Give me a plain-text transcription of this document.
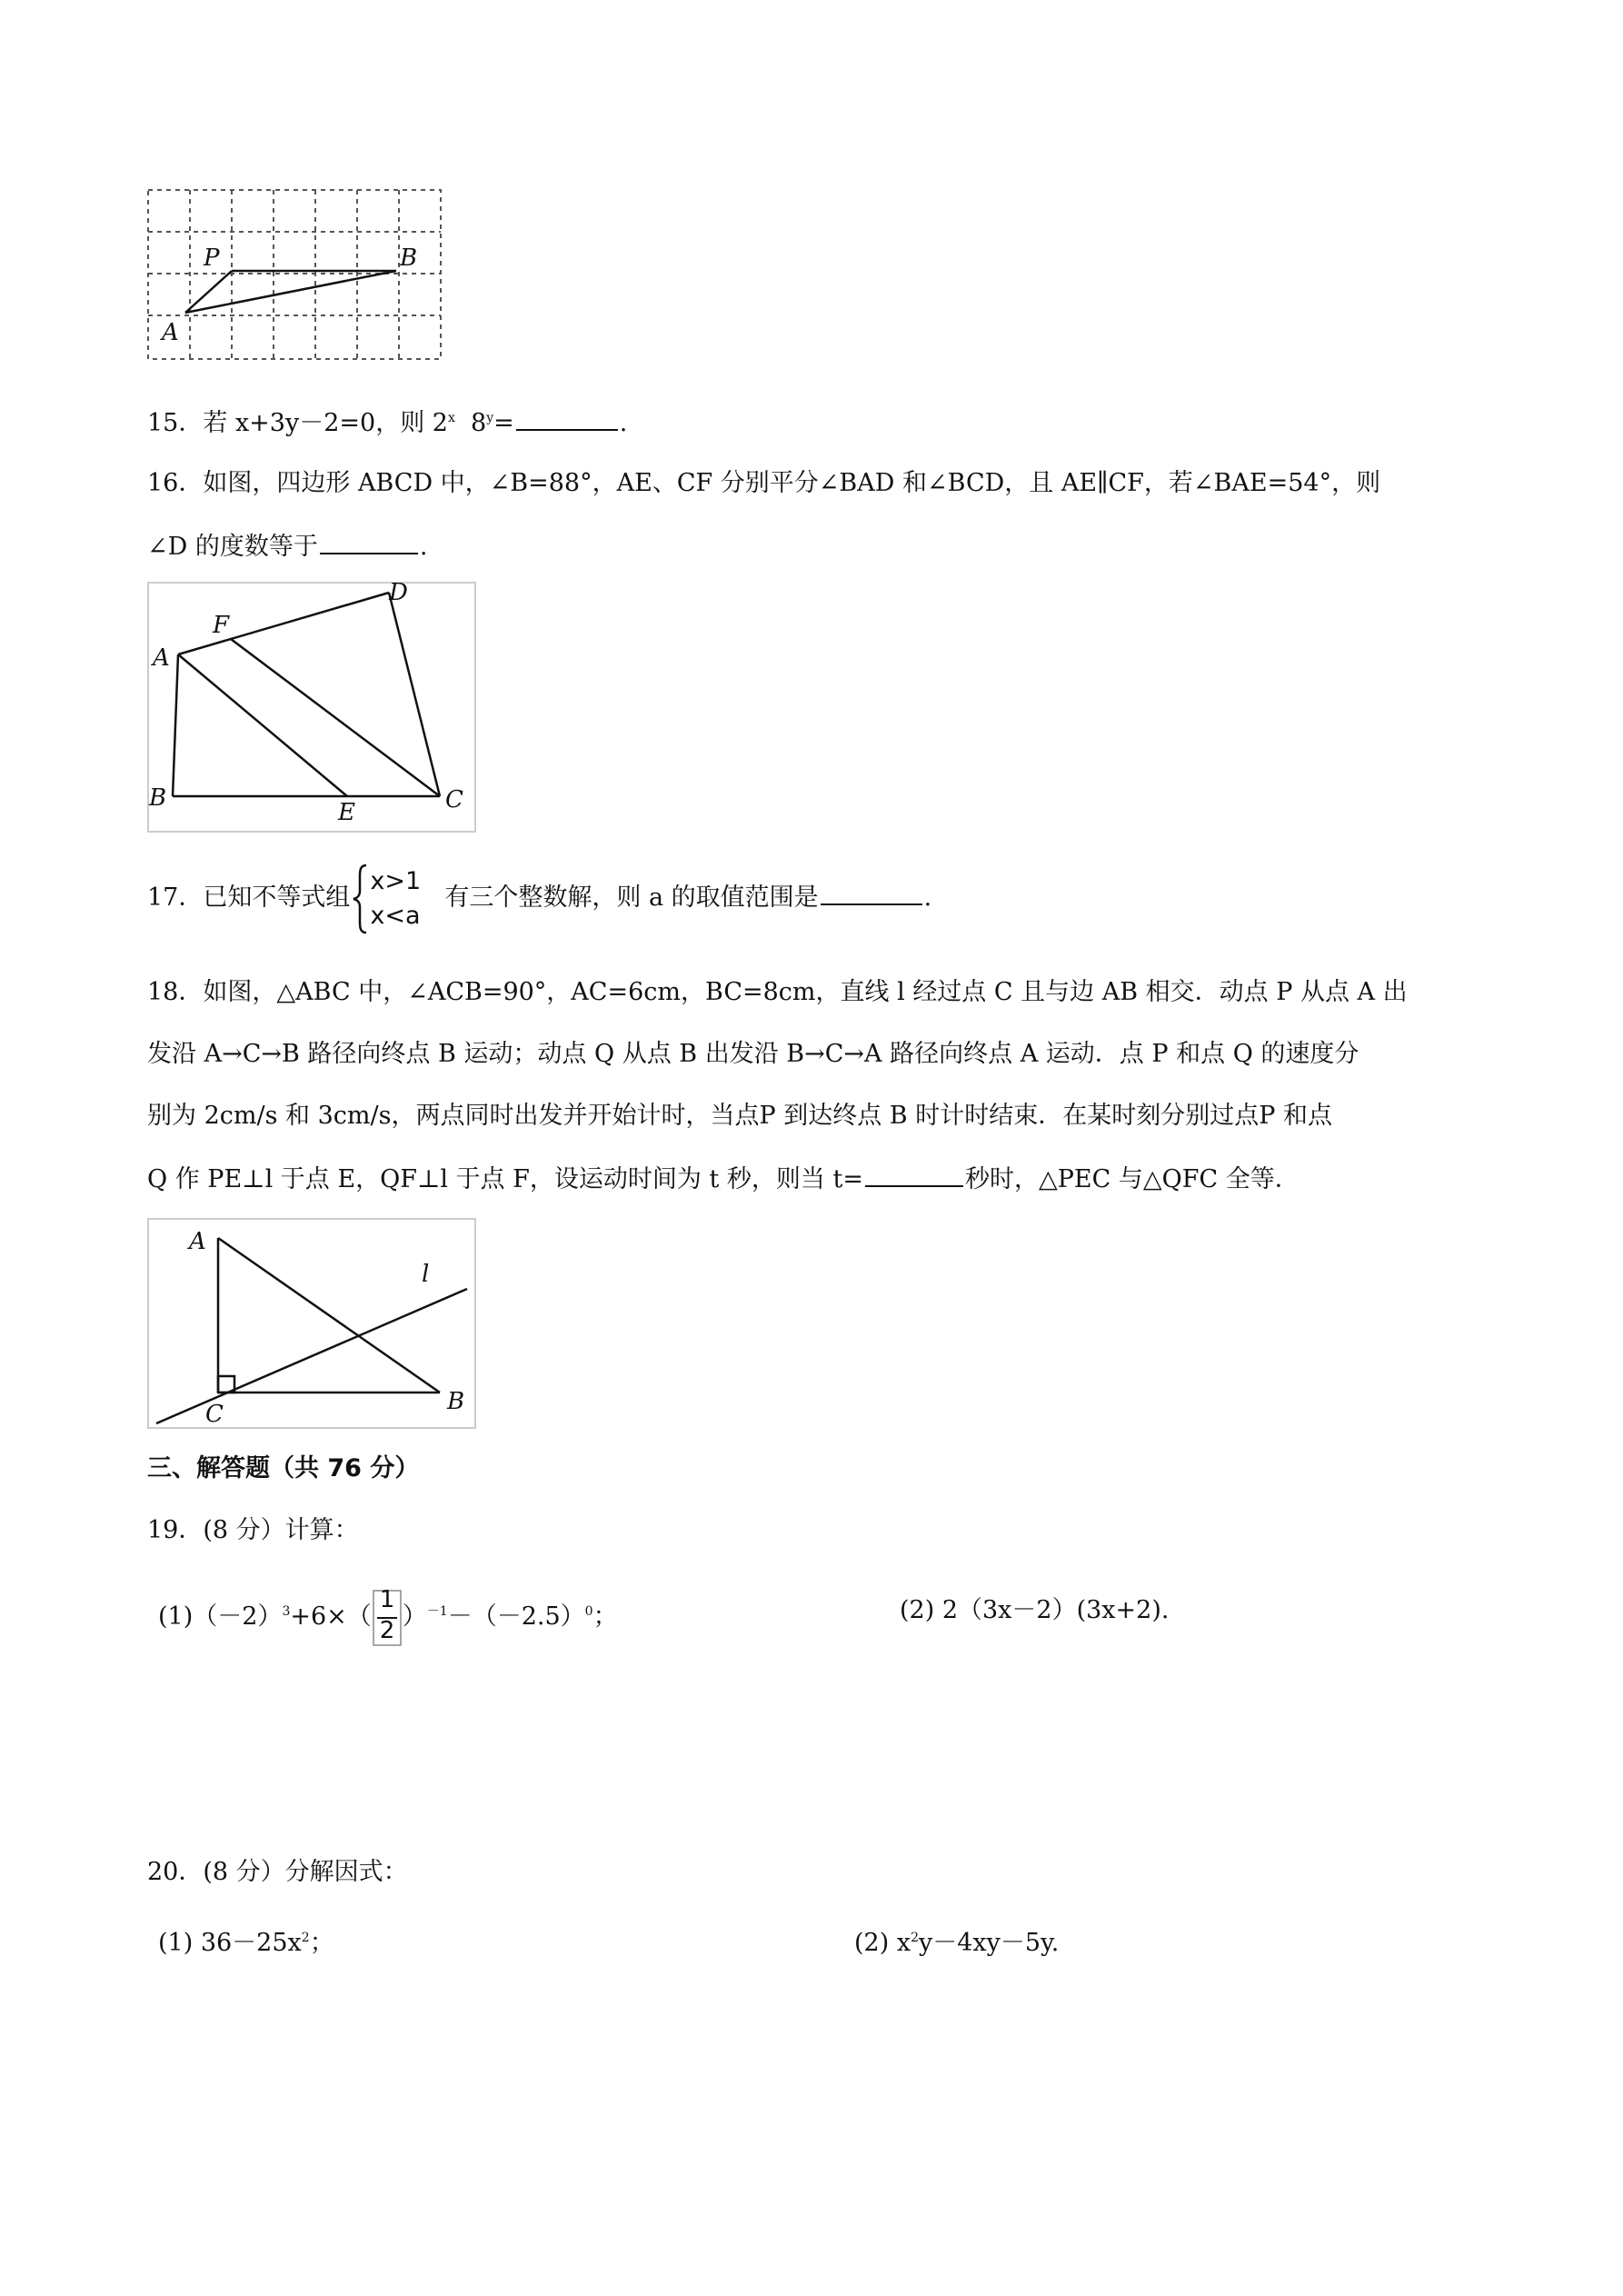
P	B
A
15．若 x+3y－2=0，则 2$^x$  $8^y=$	.
16．如图，四边形 ABCD 中，∠B=88°，AE、CF 分别平分∠BAD 和∠BCD，且 AE∥CF，若∠BAE=54°，则
∠D 的度数等于	.
A
F
D
B
E	C
17．已知不等式组
x>1
x<a
有三个整数解，则 a 的取值范围是	.
18．如图，△ABC 中，∠ACB=90°，AC=6cm，BC=8cm，直线 l 经过点 C 且与边 AB 相交．动点 P 从点 A 出
发沿 A→C→B 路径向终点 B 运动；动点 Q 从点 B 出发沿 B→C→A 路径向终点 A 运动．点 P 和点 Q 的速度分
别为 2cm/s 和 3cm/s，两点同时出发并开始计时，当点P 到达终点 B 时计时结束．在某时刻分别过点P 和点
Q 作 PE⊥l 于点 E，QF⊥l 于点 F，设运动时间为 t 秒，则当 t=	秒时，△PEC 与△QFC 全等．
A
l
C	B
三、解答题（共 76 分）
19．(8 分）计算：
$(1)(-2)^3+6\times$（
1
2 ）$^{-1}-(-2.5)^0$；	(2) 2（3x－2）(3x+2).
20．(8 分）分解因式：
(1) $36-25x^2$；	(2) $x^2y-4xy-5y$.
